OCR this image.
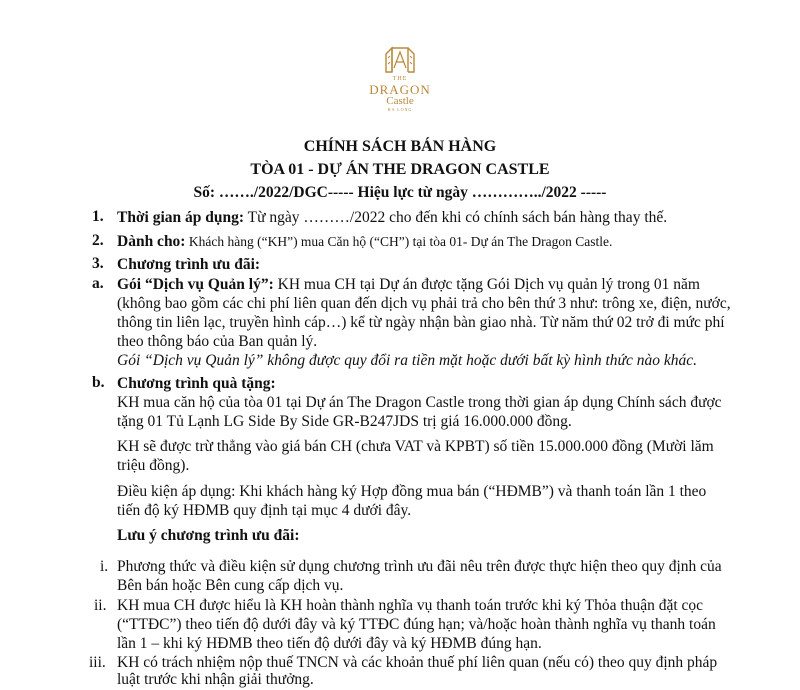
THE
DRAGON
Castle
HA LONG
CHÍNH SÁCH BÁN HÀNG
TÒA 01 - DỰ ÁN THE DRAGON CASTLE
Số: ……./2022/DGC----- Hiệu lực từ ngày …………../2022 -----
1. Thời gian áp dụng: Từ ngày ………/2022 cho đến khi có chính sách bán hàng thay thế.
2. Dành cho: Khách hàng (“KH”) mua Căn hộ (“CH”) tại tòa 01- Dự án The Dragon Castle.
3. Chương trình ưu đãi:
a. Gói “Dịch vụ Quản lý”: KH mua CH tại Dự án được tặng Gói Dịch vụ quản lý trong 01 năm
(không bao gồm các chi phí liên quan đến dịch vụ phải trả cho bên thứ 3 như: trông xe, điện, nước,
thông tin liên lạc, truyền hình cáp…) kể từ ngày nhận bàn giao nhà. Từ năm thứ 02 trở đi mức phí
theo thông báo của Ban quản lý.
Gói “Dịch vụ Quản lý” không được quy đổi ra tiền mặt hoặc dưới bất kỳ hình thức nào khác.
b. Chương trình quà tặng:
KH mua căn hộ của tòa 01 tại Dự án The Dragon Castle trong thời gian áp dụng Chính sách được
tặng 01 Tủ Lạnh LG Side By Side GR-B247JDS trị giá 16.000.000 đồng.
KH sẽ được trừ thẳng vào giá bán CH (chưa VAT và KPBT) số tiền 15.000.000 đồng (Mười lăm
triệu đồng).
Điều kiện áp dụng: Khi khách hàng ký Hợp đồng mua bán (“HĐMB”) và thanh toán lần 1 theo
tiến độ ký HĐMB quy định tại mục 4 dưới đây.
Lưu ý chương trình ưu đãi:
i. Phương thức và điều kiện sử dụng chương trình ưu đãi nêu trên được thực hiện theo quy định của
Bên bán hoặc Bên cung cấp dịch vụ.
ii. KH mua CH được hiểu là KH hoàn thành nghĩa vụ thanh toán trước khi ký Thỏa thuận đặt cọc
(“TTĐC”) theo tiến độ dưới đây và ký TTĐC đúng hạn; và/hoặc hoàn thành nghĩa vụ thanh toán
lần 1 – khi ký HĐMB theo tiến độ dưới đây và ký HĐMB đúng hạn.
iii. KH có trách nhiệm nộp thuế TNCN và các khoản thuế phí liên quan (nếu có) theo quy định pháp
luật trước khi nhận giải thưởng.
